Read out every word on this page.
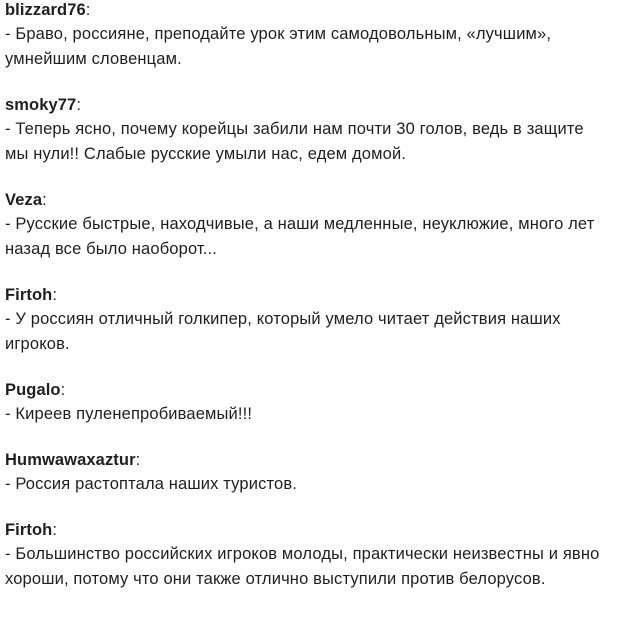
blizzard76:

- Браво, россияне, преподайте урок этим самодовольным, «лучшим», умнейшим словенцам.

smoky77:

- Теперь ясно, почему корейцы забили нам почти 30 голов, ведь в защите мы нули!! Слабые русские умыли нас, едем домой.

Veza:

- Русские быстрые, находчивые, а наши медленные, неуклюжие, много лет назад все было наоборот...

Firtoh:

- У россиян отличный голкипер, который умело читает действия наших игроков.

Pugalo:

- Киреев пуленепробиваемый!!!

Humwawaxaztur:

- Россия растоптала наших туристов.

Firtoh:

- Большинство российских игроков молоды, практически неизвестны и явно хороши, потому что они также отлично выступили против белорусов.
